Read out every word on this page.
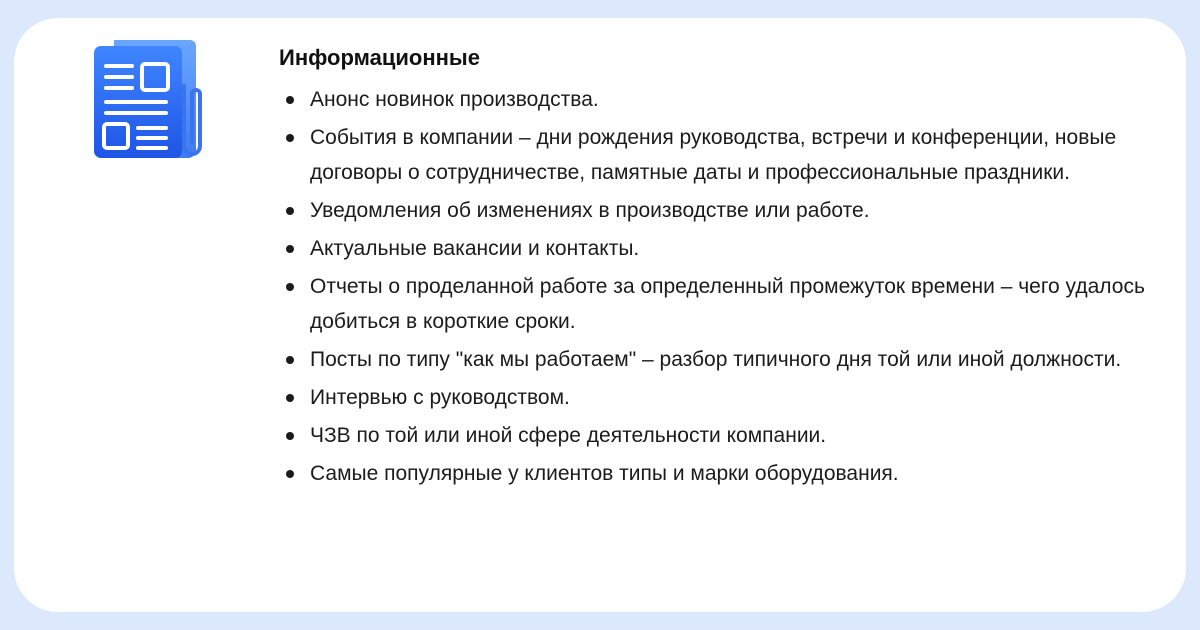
Информационные
Анонс новинок производства.
События в компании – дни рождения руководства, встречи и конференции, новые договоры о сотрудничестве, памятные даты и профессиональные праздники.
Уведомления об изменениях в производстве или работе.
Актуальные вакансии и контакты.
Отчеты о проделанной работе за определенный промежуток времени – чего удалось добиться в короткие сроки.
Посты по типу "как мы работаем" – разбор типичного дня той или иной должности.
Интервью с руководством.
ЧЗВ по той или иной сфере деятельности компании.
Самые популярные у клиентов типы и марки оборудования.
